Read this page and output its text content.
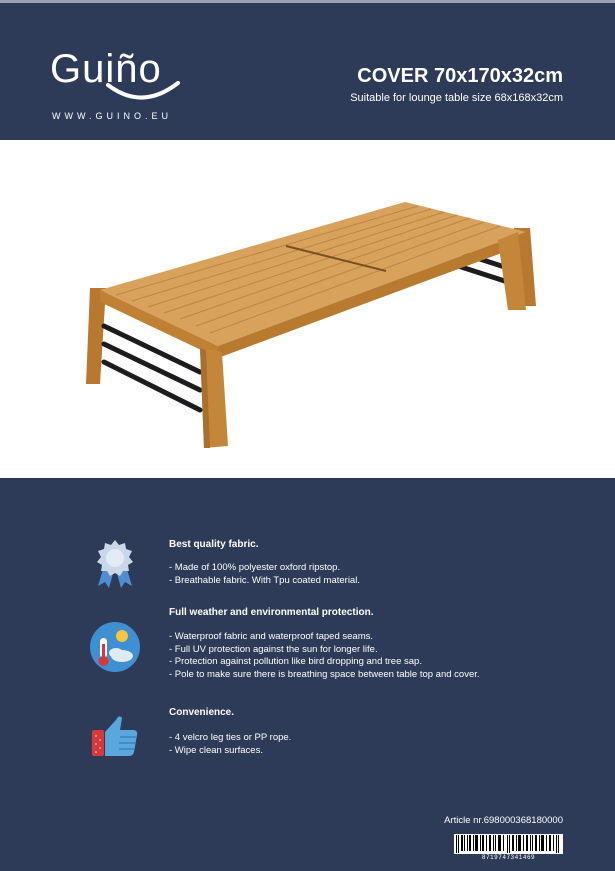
Guiño
WWW.GUINO.EU
COVER 70x170x32cm
Suitable for lounge table size 68x168x32cm
Best quality fabric.
- Made of 100% polyester oxford ripstop.
- Breathable fabric. With Tpu coated material.
Full weather and environmental protection.
- Waterproof fabric and waterproof taped seams.
- Full UV protection against the sun for longer life.
- Protection against pollution like bird dropping and tree sap.
- Pole to make sure there is breathing space between table top and cover.
Convenience.
- 4 velcro leg ties or PP rope.
- Wipe clean surfaces.
Article nr.698000368180000
8719747341469
